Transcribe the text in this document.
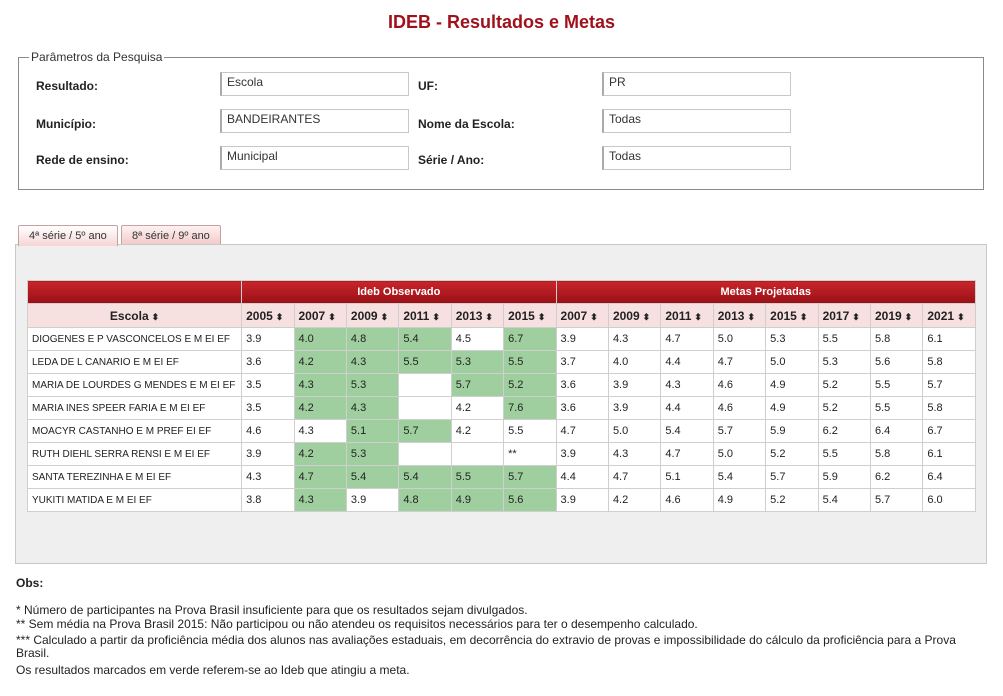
IDEB - Resultados e Metas
Parâmetros da Pesquisa
Resultado:	Escola	UF:	PR
Município:	BANDEIRANTES	Nome da Escola:	Todas
Rede de ensino:	Municipal	Série / Ano:	Todas
4ª série / 5º ano	8ª série / 9º ano
	Ideb Observado						Metas Projetadas							
Escola ⬍	2005 ⬍	2007 ⬍	2009 ⬍	2011 ⬍	2013 ⬍	2015 ⬍	2007 ⬍	2009 ⬍	2011 ⬍	2013 ⬍	2015 ⬍	2017 ⬍	2019 ⬍	2021 ⬍
DIOGENES E P VASCONCELOS E M EI EF	3.9	4.0	4.8	5.4	4.5	6.7	3.9	4.3	4.7	5.0	5.3	5.5	5.8	6.1
LEDA DE L CANARIO E M EI EF	3.6	4.2	4.3	5.5	5.3	5.5	3.7	4.0	4.4	4.7	5.0	5.3	5.6	5.8
MARIA DE LOURDES G MENDES E M EI EF	3.5	4.3	5.3		5.7	5.2	3.6	3.9	4.3	4.6	4.9	5.2	5.5	5.7
MARIA INES SPEER FARIA E M EI EF	3.5	4.2	4.3		4.2	7.6	3.6	3.9	4.4	4.6	4.9	5.2	5.5	5.8
MOACYR CASTANHO E M PREF EI EF	4.6	4.3	5.1	5.7	4.2	5.5	4.7	5.0	5.4	5.7	5.9	6.2	6.4	6.7
RUTH DIEHL SERRA RENSI E M EI EF	3.9	4.2	5.3			**	3.9	4.3	4.7	5.0	5.2	5.5	5.8	6.1
SANTA TEREZINHA E M EI EF	4.3	4.7	5.4	5.4	5.5	5.7	4.4	4.7	5.1	5.4	5.7	5.9	6.2	6.4
YUKITI MATIDA E M EI EF	3.8	4.3	3.9	4.8	4.9	5.6	3.9	4.2	4.6	4.9	5.2	5.4	5.7	6.0
Obs:
* Número de participantes na Prova Brasil insuficiente para que os resultados sejam divulgados.
** Sem média na Prova Brasil 2015: Não participou ou não atendeu os requisitos necessários para ter o desempenho calculado.
*** Calculado a partir da proficiência média dos alunos nas avaliações estaduais, em decorrência do extravio de provas e impossibilidade do cálculo da proficiência para a Prova Brasil.
Os resultados marcados em verde referem-se ao Ideb que atingiu a meta.
